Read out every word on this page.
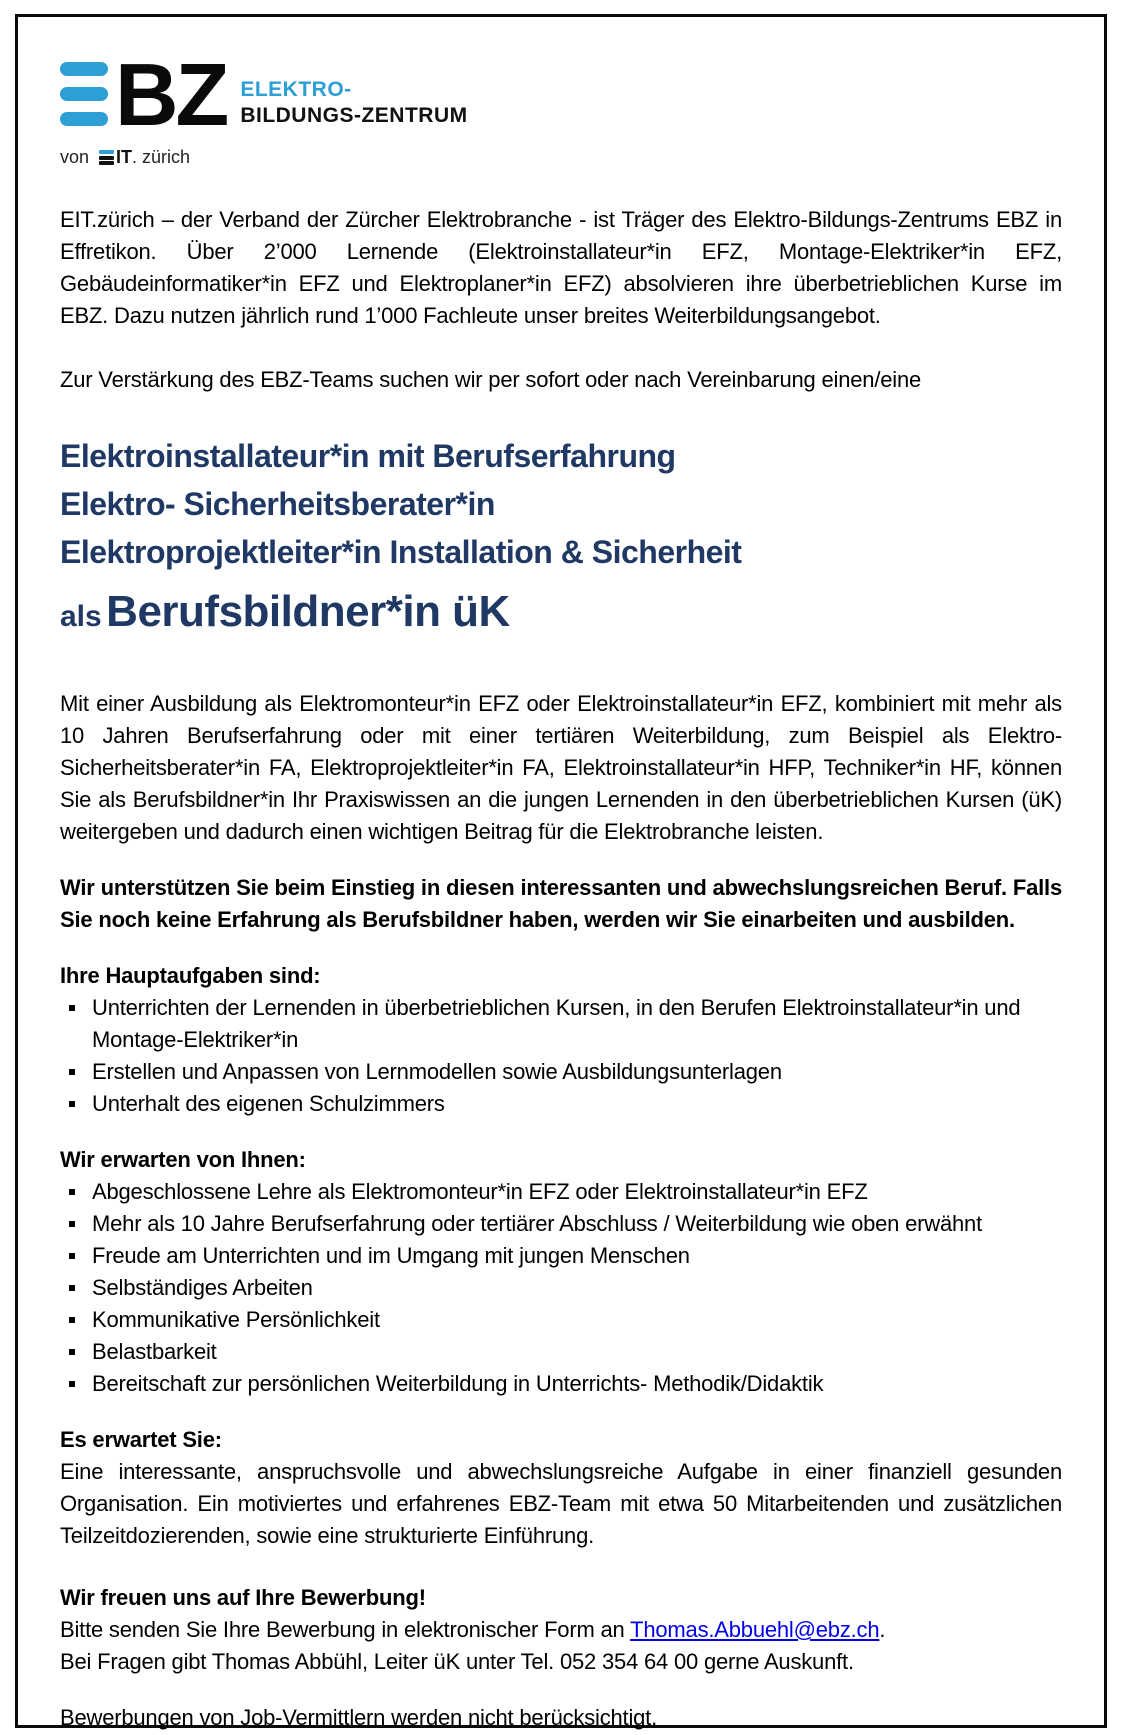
BZ ELEKTRO-
BILDUNGS-ZENTRUM
von IT . zürich
EIT.zürich – der Verband der Zürcher Elektrobranche - ist Träger des Elektro-Bildungs-Zentrums EBZ in Effretikon. Über 2’000 Lernende (Elektroinstallateur*in EFZ, Montage-Elektriker*in EFZ, Gebäudeinformatiker*in EFZ und Elektroplaner*in EFZ) absolvieren ihre überbetrieblichen Kurse im EBZ. Dazu nutzen jährlich rund 1’000 Fachleute unser breites Weiterbildungsangebot.
Zur Verstärkung des EBZ-Teams suchen wir per sofort oder nach Vereinbarung einen/eine
Elektroinstallateur*in mit Berufserfahrung
Elektro- Sicherheitsberater*in
Elektroprojektleiter*in Installation & Sicherheit
als Berufsbildner*in üK
Mit einer Ausbildung als Elektromonteur*in EFZ oder Elektroinstallateur*in EFZ, kombiniert mit mehr als 10 Jahren Berufserfahrung oder mit einer tertiären Weiterbildung, zum Beispiel als Elektro- Sicherheitsberater*in FA, Elektroprojektleiter*in FA, Elektroinstallateur*in HFP, Techniker*in HF, können Sie als Berufsbildner*in Ihr Praxiswissen an die jungen Lernenden in den überbetrieblichen Kursen (üK) weitergeben und dadurch einen wichtigen Beitrag für die Elektrobranche leisten.
Wir unterstützen Sie beim Einstieg in diesen interessanten und abwechslungsreichen Beruf. Falls Sie noch keine Erfahrung als Berufsbildner haben, werden wir Sie einarbeiten und ausbilden.
Ihre Hauptaufgaben sind:
Unterrichten der Lernenden in überbetrieblichen Kursen, in den Berufen Elektroinstallateur*in und Montage-Elektriker*in
Erstellen und Anpassen von Lernmodellen sowie Ausbildungsunterlagen
Unterhalt des eigenen Schulzimmers
Wir erwarten von Ihnen:
Abgeschlossene Lehre als Elektromonteur*in EFZ oder Elektroinstallateur*in EFZ
Mehr als 10 Jahre Berufserfahrung oder tertiärer Abschluss / Weiterbildung wie oben erwähnt
Freude am Unterrichten und im Umgang mit jungen Menschen
Selbständiges Arbeiten
Kommunikative Persönlichkeit
Belastbarkeit
Bereitschaft zur persönlichen Weiterbildung in Unterrichts- Methodik/Didaktik
Es erwartet Sie:
Eine interessante, anspruchsvolle und abwechslungsreiche Aufgabe in einer finanziell gesunden Organisation. Ein motiviertes und erfahrenes EBZ-Team mit etwa 50 Mitarbeitenden und zusätzlichen Teilzeitdozierenden, sowie eine strukturierte Einführung.
Wir freuen uns auf Ihre Bewerbung!
Bitte senden Sie Ihre Bewerbung in elektronischer Form an Thomas.Abbuehl@ebz.ch.
Bei Fragen gibt Thomas Abbühl, Leiter üK unter Tel. 052 354 64 00 gerne Auskunft.
Bewerbungen von Job-Vermittlern werden nicht berücksichtigt.
